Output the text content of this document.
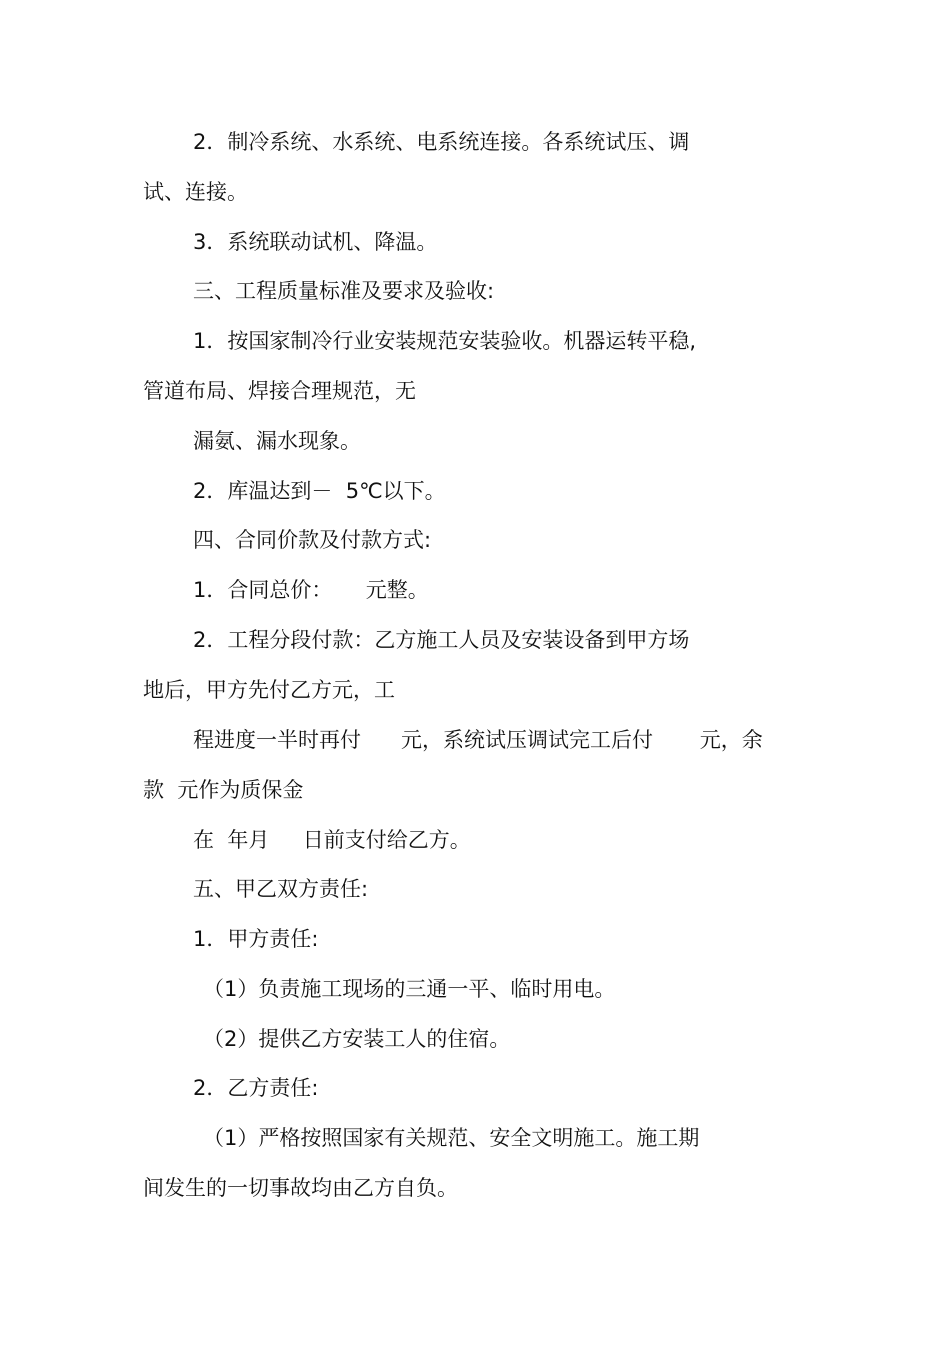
2．制冷系统、水系统、电系统连接。各系统试压、调

试、连接。

3．系统联动试机、降温。

三、工程质量标准及要求及验收:

1．按国家制冷行业安装规范安装验收。机器运转平稳,

管道布局、焊接合理规范，无

漏氨、漏水现象。

2．库温达到－  5℃以下。

四、合同价款及付款方式:

1．合同总价：     元整。

2．工程分段付款：乙方施工人员及安装设备到甲方场

地后，甲方先付乙方元，工

程进度一半时再付      元，系统试压调试完工后付       元，余

款  元作为质保金

在  年月     日前支付给乙方。

五、甲乙双方责任:

1．甲方责任:

（1）负责施工现场的三通一平、临时用电。

（2）提供乙方安装工人的住宿。

2．乙方责任:

（1）严格按照国家有关规范、安全文明施工。施工期

间发生的一切事故均由乙方自负。
